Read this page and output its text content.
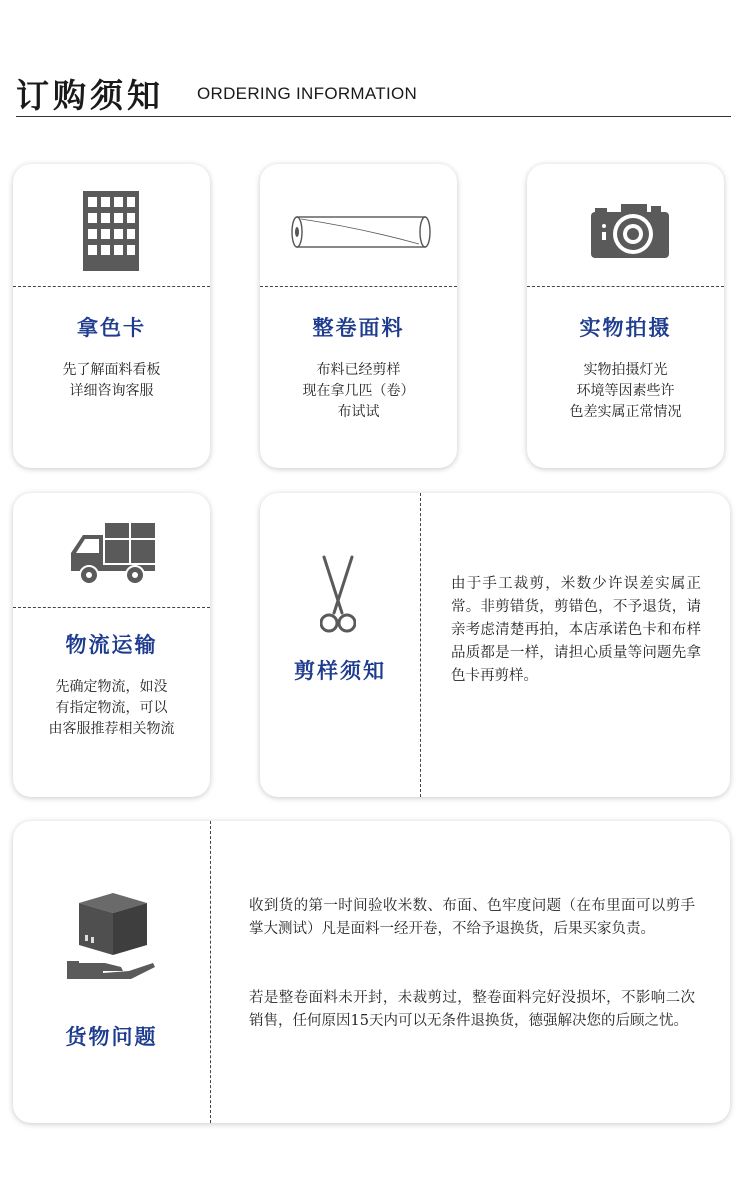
订购须知 ORDERING INFORMATION
拿色卡
先了解面料看板
详细咨询客服
整卷面料
布料已经剪样
现在拿几匹（卷）
布试试
实物拍摄
实物拍摄灯光
环境等因素些许
色差实属正常情况
物流运输
先确定物流，如没
有指定物流，可以
由客服推荐相关物流
剪样须知
由于手工裁剪，米数少许误差实属正常。非剪错货，剪错色，不予退货，请亲考虑清楚再拍，本店承诺色卡和布样品质都是一样，请担心质量等问题先拿色卡再剪样。
货物问题
收到货的第一时间验收米数、布面、色牢度问题（在布里面可以剪手掌大测试）凡是面料一经开卷，不给予退换货，后果买家负责。
若是整卷面料未开封，未裁剪过，整卷面料完好没损坏，不影响二次销售，任何原因15天内可以无条件退换货，德强解决您的后顾之忧。
